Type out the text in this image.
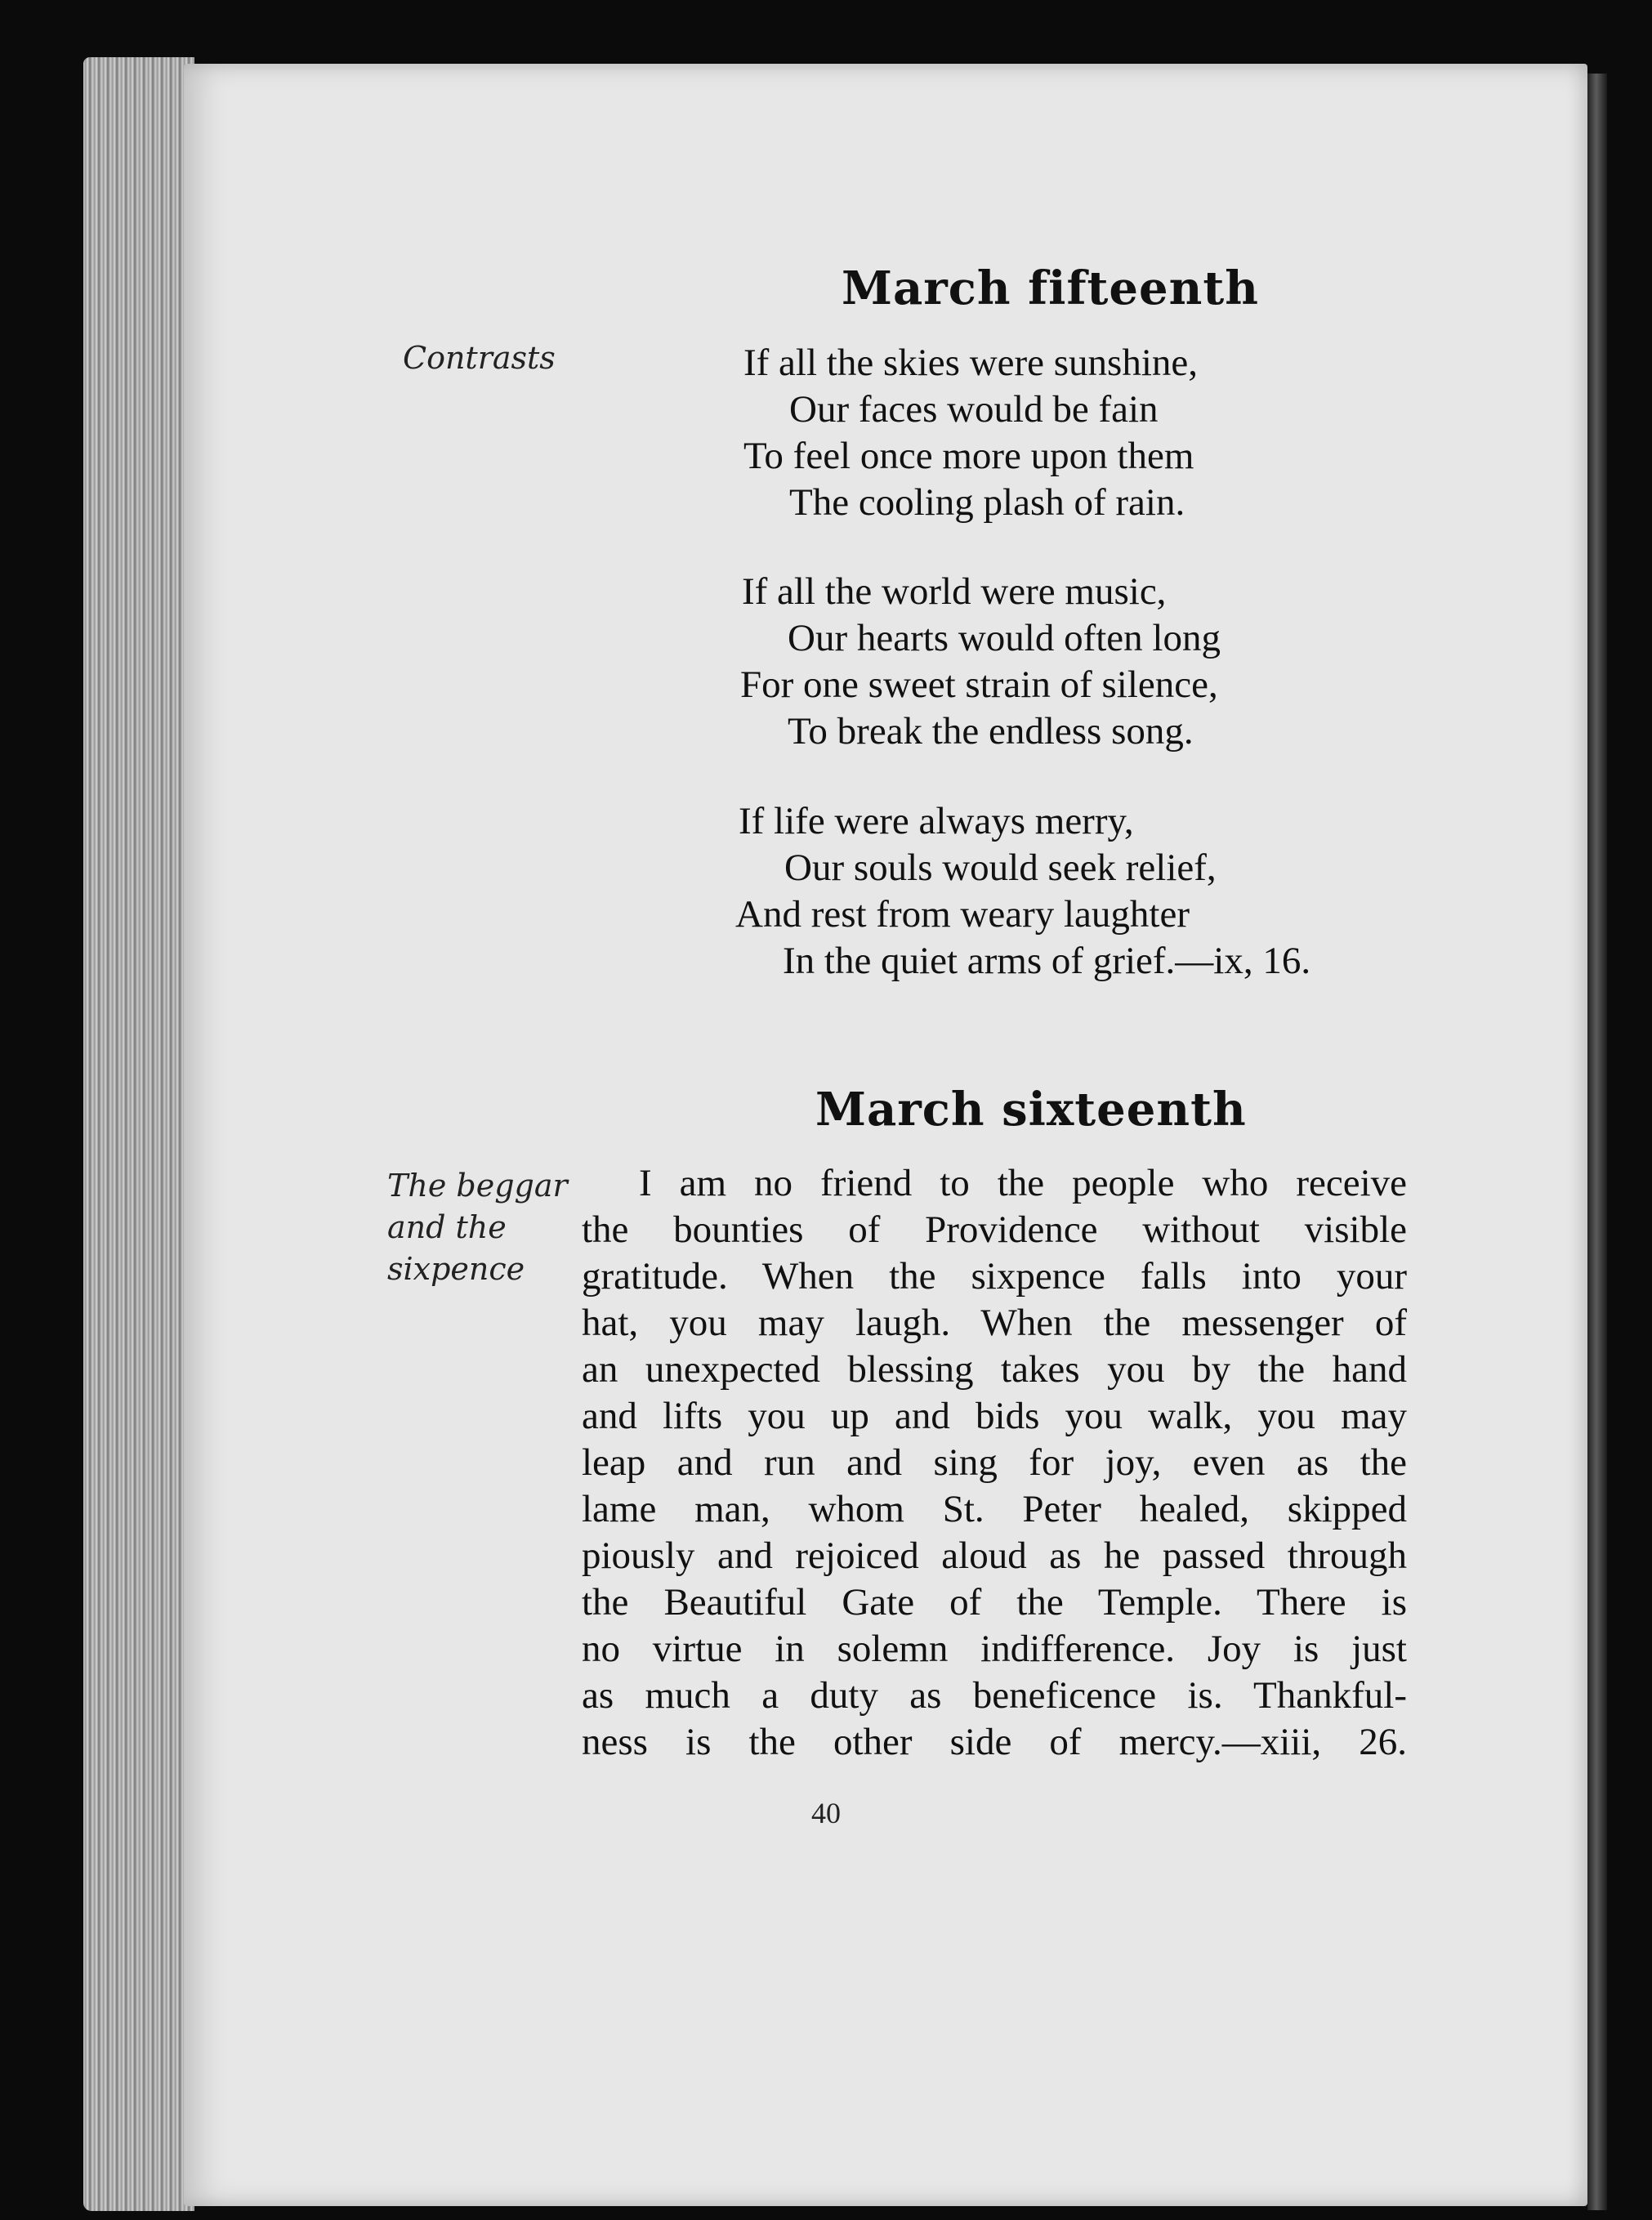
March fifteenth
Contrasts	If all the skies were sunshine,
Our faces would be fain
To feel once more upon them
The cooling plash of rain.
If all the world were music,
Our hearts would often long
For one sweet strain of silence,
To break the endless song.
If life were always merry,
Our souls would seek relief,
And rest from weary laughter
In the quiet arms of grief.—ix, 16.
March sixteenth
The beggar
and the
sixpence
I am no friend to the people who receive
the bounties of Providence without visible
gratitude. When the sixpence falls into your
hat, you may laugh. When the messenger of
an unexpected blessing takes you by the hand
and lifts you up and bids you walk, you may
leap and run and sing for joy, even as the
lame man, whom St. Peter healed, skipped
piously and rejoiced aloud as he passed through
the Beautiful Gate of the Temple. There is
no virtue in solemn indifference. Joy is just
as much a duty as beneficence is. Thankful-
ness is the other side of mercy.—xiii, 26.
40
